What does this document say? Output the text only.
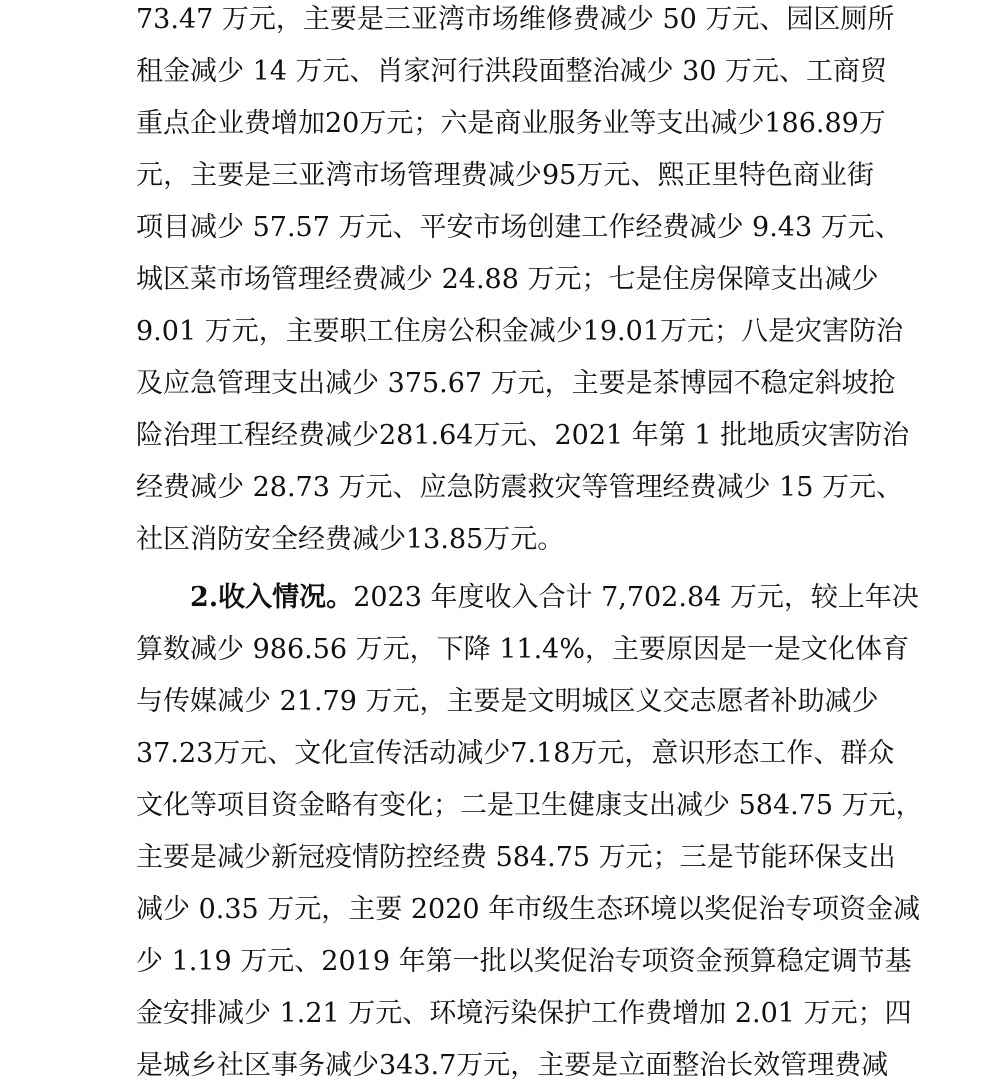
73.47 万元，主要是三亚湾市场维修费减少 50 万元、园区厕所
租金减少 14 万元、肖家河行洪段面整治减少 30 万元、工商贸
重点企业费增加20万元；六是商业服务业等支出减少186.89万
元，主要是三亚湾市场管理费减少95万元、熙正里特色商业街
项目减少 57.57 万元、平安市场创建工作经费减少 9.43 万元、
城区菜市场管理经费减少 24.88 万元；七是住房保障支出减少
9.01 万元，主要职工住房公积金减少19.01万元；八是灾害防治
及应急管理支出减少 375.67 万元，主要是茶博园不稳定斜坡抢
险治理工程经费减少281.64万元、2021 年第 1 批地质灾害防治
经费减少 28.73 万元、应急防震救灾等管理经费减少 15 万元、
社区消防安全经费减少13.85万元。
2.收入情况。2023 年度收入合计 7,702.84 万元，较上年决
算数减少 986.56 万元，下降 11.4%，主要原因是一是文化体育
与传媒减少 21.79 万元，主要是文明城区义交志愿者补助减少
37.23万元、文化宣传活动减少7.18万元，意识形态工作、群众
文化等项目资金略有变化；二是卫生健康支出减少 584.75 万元，
主要是减少新冠疫情防控经费 584.75 万元；三是节能环保支出
减少 0.35 万元，主要 2020 年市级生态环境以奖促治专项资金减
少 1.19 万元、2019 年第一批以奖促治专项资金预算稳定调节基
金安排减少 1.21 万元、环境污染保护工作费增加 2.01 万元；四
是城乡社区事务减少343.7万元，主要是立面整治长效管理费减
